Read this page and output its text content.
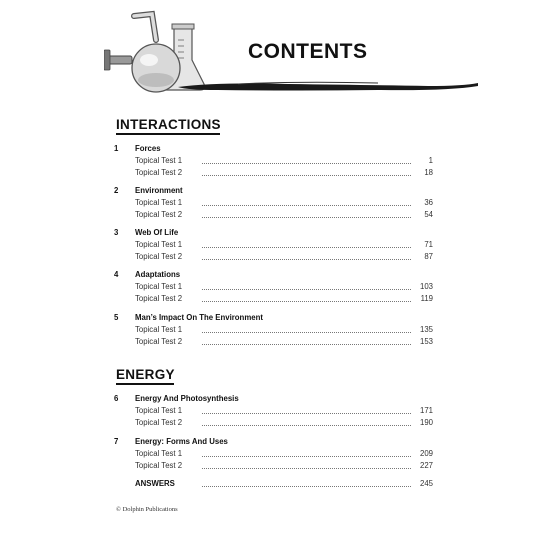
CONTENTS
INTERACTIONS
1 Forces
Topical Test 1	1
Topical Test 2	18
2 Environment
Topical Test 1	36
Topical Test 2	54
3 Web Of Life
Topical Test 1	71
Topical Test 2	87
4 Adaptations
Topical Test 1	103
Topical Test 2	119
5 Man’s Impact On The Environment
Topical Test 1	135
Topical Test 2	153
ENERGY
6 Energy And Photosynthesis
Topical Test 1	171
Topical Test 2	190
7 Energy: Forms And Uses
Topical Test 1	209
Topical Test 2	227
ANSWERS	245
© Dolphin Publications
